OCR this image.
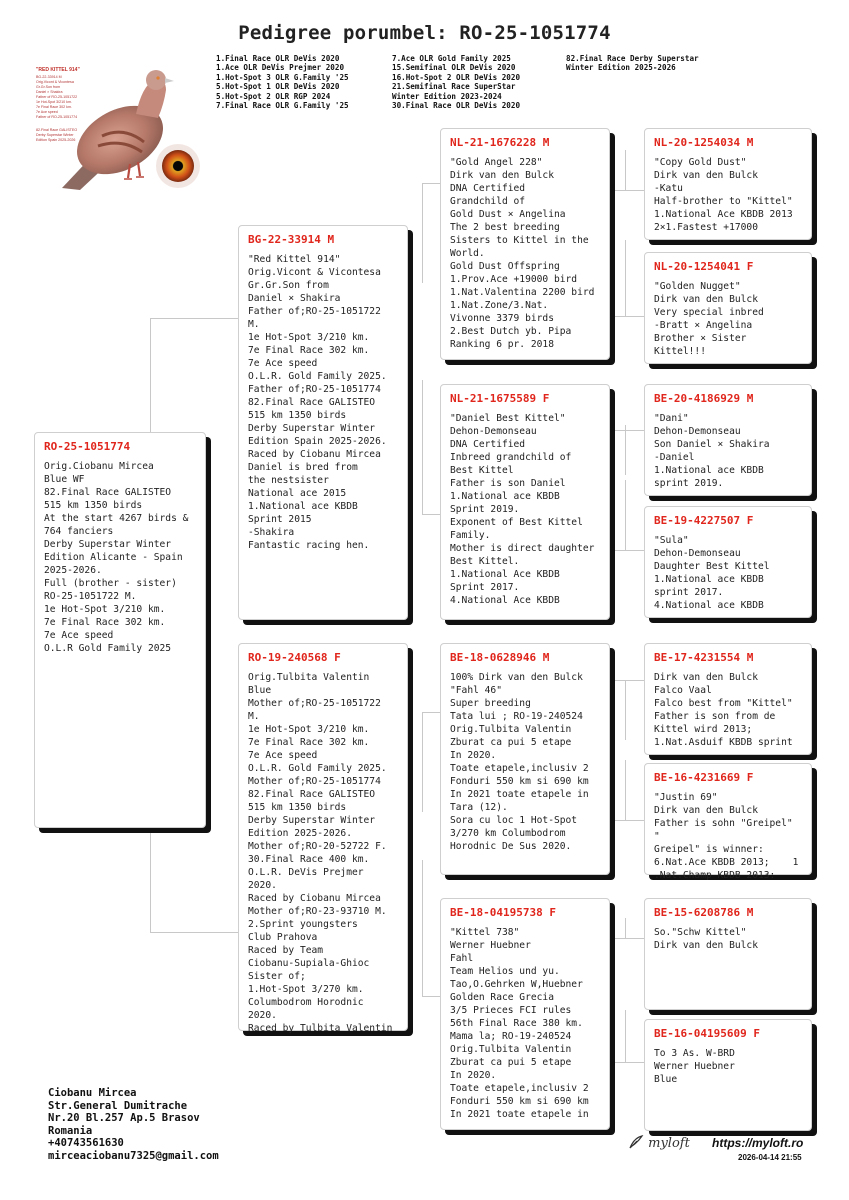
Pedigree porumbel: RO-25-1051774
"RED KITTEL 914"
BG-22-33914 M
Orig.Vicont & Vicontesa
Gr.Gr.Son from
Daniel × Shakira
Father of RO-25-1051722
1e Hot-Spot 3/210 km.
7e Final Race 302 km.
7e Ace speed
Father of RO-25-1051774
82.Final Race GALISTEO
Derby Superstar Winter
Edition Spain 2025-2026
1.Final Race OLR DeVis 2020
1.Ace OLR DeVis Prejmer 2020
1.Hot-Spot 3 OLR G.Family '25
5.Hot-Spot 1 OLR DeVis 2020
5.Hot-Spot 2 OLR RGP 2024
7.Final Race OLR G.Family '25
7.Ace OLR Gold Family 2025
15.Semifinal OLR DeVis 2020
16.Hot-Spot 2 OLR DeVis 2020
21.Semifinal Race SuperStar
Winter Edition 2023-2024
30.Final Race OLR DeVis 2020
82.Final Race Derby Superstar
Winter Edition 2025-2026
RO-25-1051774
Orig.Ciobanu Mircea
Blue WF
82.Final Race GALISTEO
515 km 1350 birds
At the start 4267 birds &
764 fanciers
Derby Superstar Winter
Edition Alicante - Spain
2025-2026.
Full (brother - sister)
RO-25-1051722 M.
1e Hot-Spot 3/210 km.
7e Final Race 302 km.
7e Ace speed
O.L.R Gold Family 2025
BG-22-33914 M
"Red Kittel 914"
Orig.Vicont & Vicontesa
Gr.Gr.Son from
Daniel × Shakira
Father of;RO-25-1051722 M.
1e Hot-Spot 3/210 km.
7e Final Race 302 km.
7e Ace speed
O.L.R. Gold Family 2025.
Father of;RO-25-1051774
82.Final Race GALISTEO
515 km 1350 birds
Derby Superstar Winter
Edition Spain 2025-2026.
Raced by Ciobanu Mircea
Daniel is bred from
the nestsister
National ace 2015
1.National ace KBDB
Sprint 2015
-Shakira
Fantastic racing hen.
RO-19-240568 F
Orig.Tulbita Valentin
Blue
Mother of;RO-25-1051722 M.
1e Hot-Spot 3/210 km.
7e Final Race 302 km.
7e Ace speed
O.L.R. Gold Family 2025.
Mother of;RO-25-1051774
82.Final Race GALISTEO
515 km 1350 birds
Derby Superstar Winter
Edition 2025-2026.
Mother of;RO-20-52722 F.
30.Final Race 400 km.
O.L.R. DeVis Prejmer 2020.
Raced by Ciobanu Mircea
Mother of;RO-23-93710 M.
2.Sprint youngsters
Club Prahova
Raced by Team
Ciobanu-Supiala-Ghioc
Sister of;
1.Hot-Spot 3/270 km.
Columbodrom Horodnic 2020.
Raced by Tulbita Valentin
NL-21-1676228 M
"Gold Angel 228"
Dirk van den Bulck
DNA Certified
Grandchild of
Gold Dust × Angelina
The 2 best breeding
Sisters to Kittel in the
World.
Gold Dust Offspring
1.Prov.Ace +19000 bird
1.Nat.Valentina 2200 bird
1.Nat.Zone/3.Nat.
Vivonne 3379 birds
2.Best Dutch yb. Pipa
Ranking 6 pr. 2018
NL-21-1675589 F
"Daniel Best Kittel"
Dehon-Demonseau
DNA Certified
Inbreed grandchild of
Best Kittel
Father is son Daniel
1.National ace KBDB
Sprint 2019.
Exponent of Best Kittel
Family.
Mother is direct daughter
Best Kittel.
1.National Ace KBDB
Sprint 2017.
4.National Ace KBDB
BE-18-0628946 M
100% Dirk van den Bulck
"Fahl 46"
Super breeding
Tata lui ; RO-19-240524
Orig.Tulbita Valentin
Zburat ca pui 5 etape
In 2020.
Toate etapele,inclusiv 2
Fonduri 550 km si 690 km
In 2021 toate etapele in
Tara (12).
Sora cu loc 1 Hot-Spot
3/270 km Columbodrom
Horodnic De Sus 2020.
BE-18-04195738 F
"Kittel 738"
Werner Huebner
Fahl
Team Helios und yu.
Tao,O.Gehrken W,Huebner
Golden Race Grecia
3/5 Prieces FCI rules
56th Final Race 380 km.
Mama la; RO-19-240524
Orig.Tulbita Valentin
Zburat ca pui 5 etape
In 2020.
Toate etapele,inclusiv 2
Fonduri 550 km si 690 km
In 2021 toate etapele in
NL-20-1254034 M
"Copy Gold Dust"
Dirk van den Bulck
-Katu
Half-brother to "Kittel"
1.National Ace KBDB 2013
2×1.Fastest +17000
NL-20-1254041 F
"Golden Nugget"
Dirk van den Bulck
Very special inbred
-Bratt × Angelina
Brother × Sister
Kittel!!!
BE-20-4186929 M
"Dani"
Dehon-Demonseau
Son Daniel × Shakira
-Daniel
1.National ace KBDB
sprint 2019.
BE-19-4227507 F
"Sula"
Dehon-Demonseau
Daughter Best Kittel
1.National ace KBDB
sprint 2017.
4.National ace KBDB
BE-17-4231554 M
Dirk van den Bulck
Falco Vaal
Falco best from "Kittel"
Father is son from de
Kittel wird 2013;
1.Nat.Asduif KBDB sprint
BE-16-4231669 F
"Justin 69"
Dirk van den Bulck
Father is sohn "Greipel" "
Greipel" is winner:
6.Nat.Ace KBDB 2013;    1
.Nat.Champ KBDB 2013:
BE-15-6208786 M
So."Schw Kittel"
Dirk van den Bulck
BE-16-04195609 F
To 3 As. W-BRD
Werner Huebner
Blue
Ciobanu Mircea
Str.General Dumitrache
Nr.20 Bl.257 Ap.5 Brasov
Romania
+40743561630
mirceaciobanu7325@gmail.com
myloft https://myloft.ro
2026-04-14 21:55
